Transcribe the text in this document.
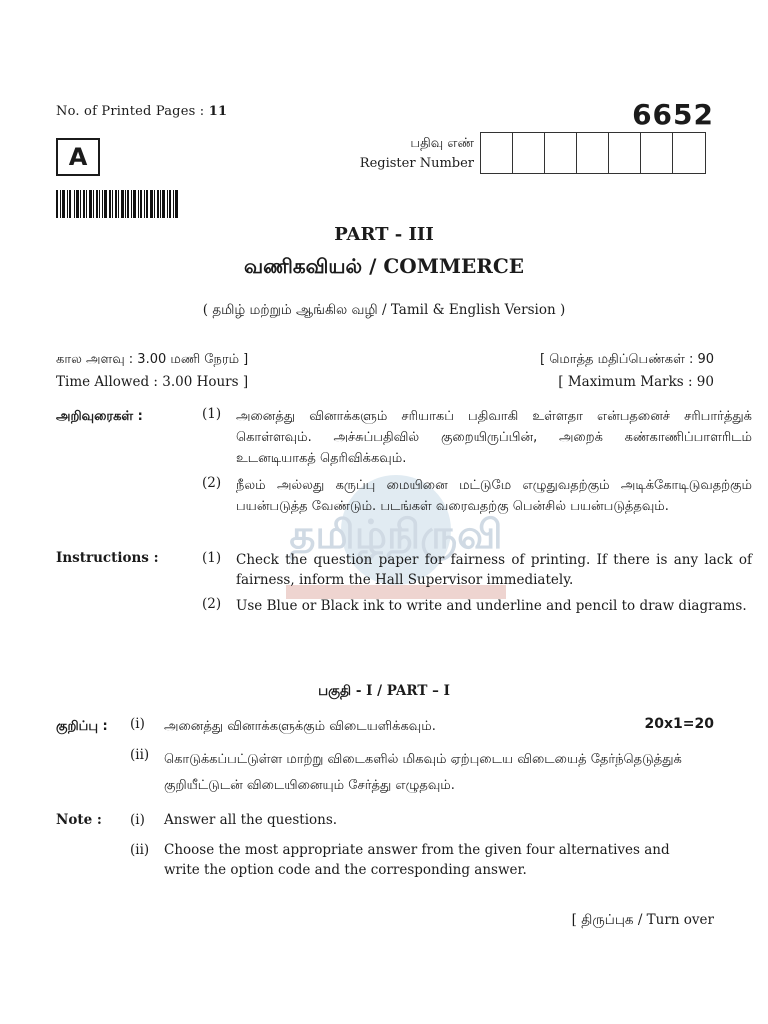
No. of Printed Pages : 11	6652
A	பதிவு எண்
Register Number
தமிழ்நிருவி
PART - III
வணிகவியல் / COMMERCE
( தமிழ் மற்றும் ஆங்கில வழி / Tamil & English Version )
கால அளவு : 3.00 மணி நேரம் ]
Time Allowed : 3.00 Hours ]
[ மொத்த மதிப்பெண்கள் : 90
[ Maximum Marks : 90
அறிவுரைகள் :	(1)	அனைத்து வினாக்களும் சரியாகப் பதிவாகி உள்ளதா என்பதனைச் சரிபார்த்துக் கொள்ளவும். அச்சுப்பதிவில் குறையிருப்பின், அறைக் கண்காணிப்பாளரிடம் உடனடியாகத் தெரிவிக்கவும்.
(2)	நீலம் அல்லது கருப்பு மையினை மட்டுமே எழுதுவதற்கும் அடிக்கோடிடுவதற்கும் பயன்படுத்த வேண்டும். படங்கள் வரைவதற்கு பென்சில் பயன்படுத்தவும்.
Instructions :	(1)	Check the question paper for fairness of printing. If there is any lack of fairness, inform the Hall Supervisor immediately.
(2)	Use Blue or Black ink to write and underline and pencil to draw diagrams.
பகுதி - I / PART – I
20x1=20
குறிப்பு :	(i)	அனைத்து வினாக்களுக்கும் விடையளிக்கவும்.
(ii)	கொடுக்கப்பட்டுள்ள மாற்று விடைகளில் மிகவும் ஏற்புடைய விடையைத் தேர்ந்தெடுத்துக் குறியீட்டுடன் விடையினையும் சேர்த்து எழுதவும்.
Note :	(i)	Answer all the questions.
(ii)	Choose the most appropriate answer from the given four alternatives and write the option code and the corresponding answer.
[ திருப்புக / Turn over
